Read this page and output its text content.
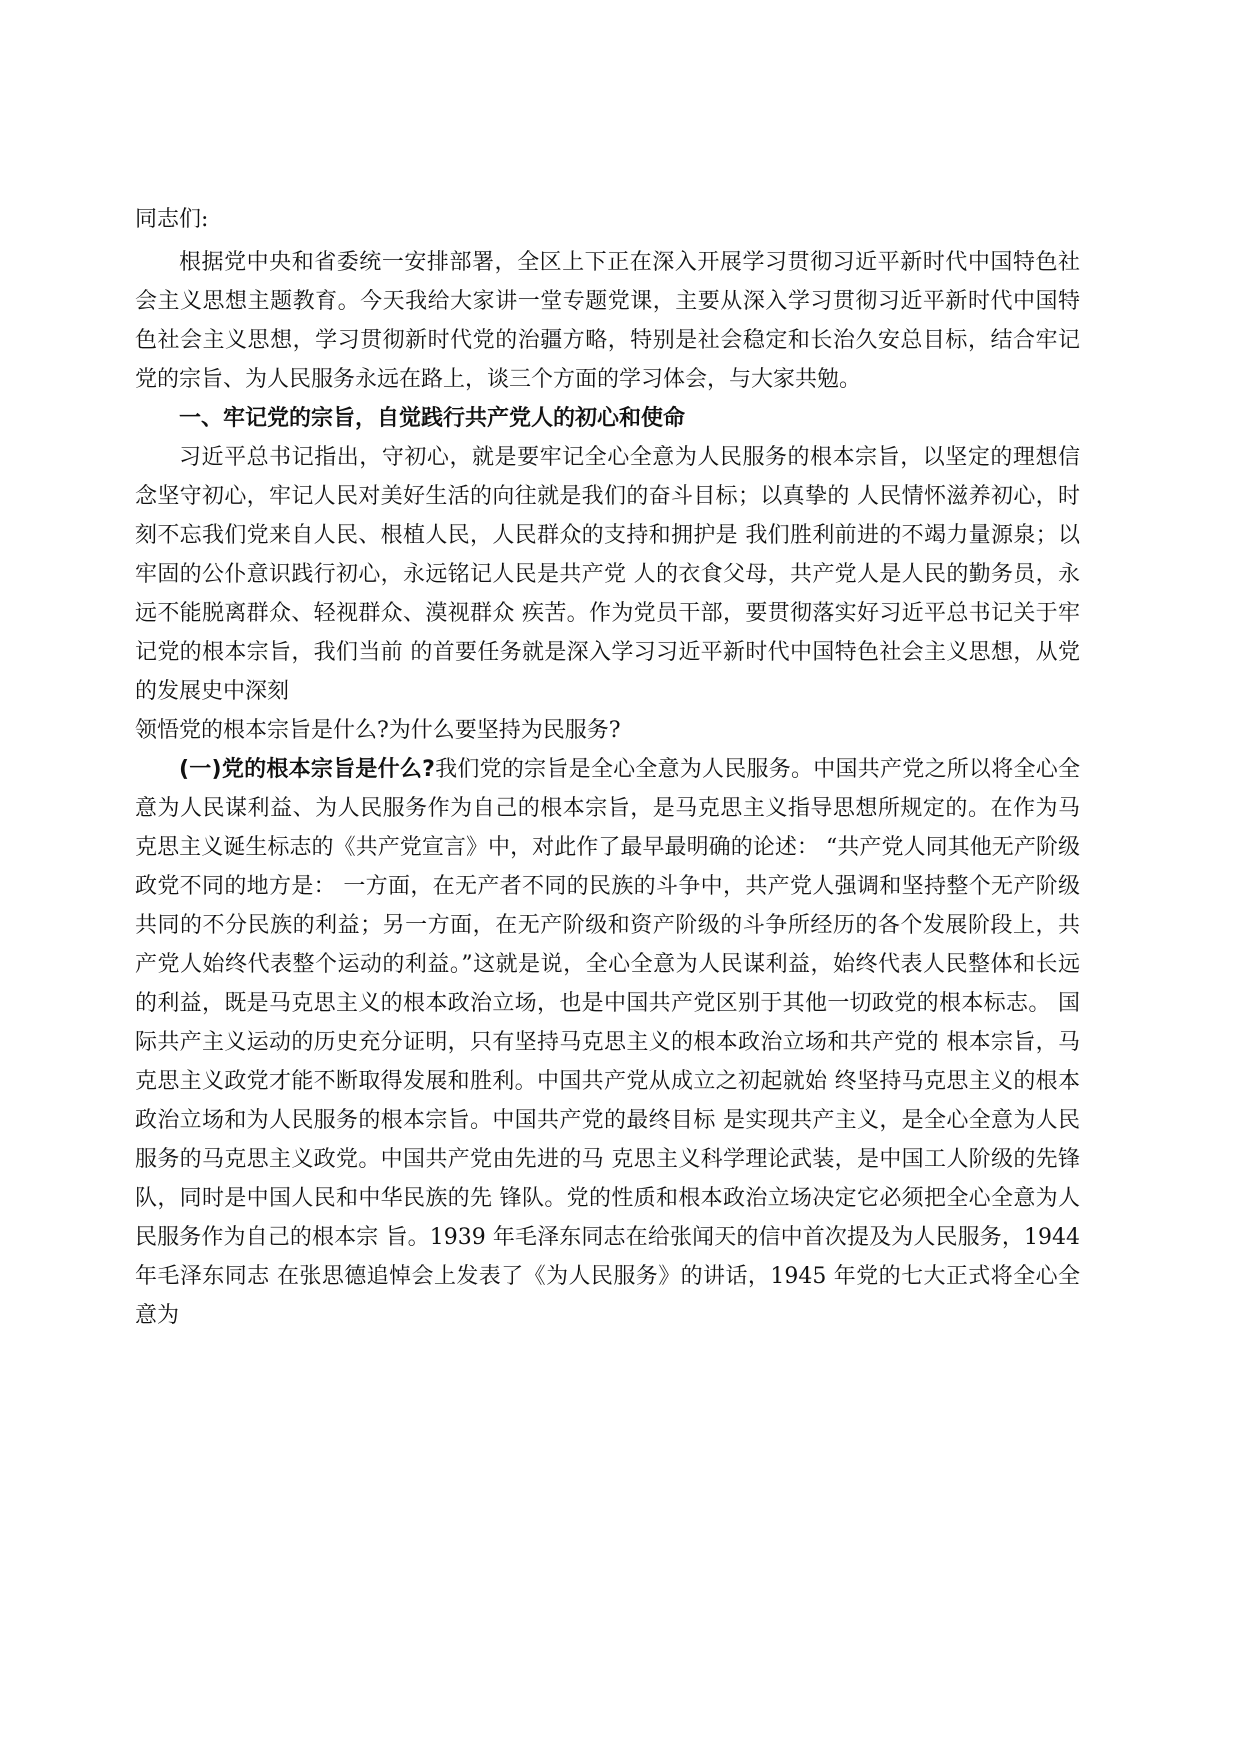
同志们:

根据党中央和省委统一安排部署，全区上下正在深入开展学习贯彻习近平新时代中国特色社会主义思想主题教育。今天我给大家讲一堂专题党课，主要从深入学习贯彻习近平新时代中国特色社会主义思想，学习贯彻新时代党的治疆方略，特别是社会稳定和长治久安总目标，结合牢记党的宗旨、为人民服务永远在路上，谈三个方面的学习体会，与大家共勉。

一、牢记党的宗旨，自觉践行共产党人的初心和使命

习近平总书记指出，守初心，就是要牢记全心全意为人民服务的根本宗旨，以坚定的理想信念坚守初心，牢记人民对美好生活的向往就是我们的奋斗目标；以真挚的 人民情怀滋养初心，时刻不忘我们党来自人民、根植人民，人民群众的支持和拥护是 我们胜利前进的不竭力量源泉；以牢固的公仆意识践行初心，永远铭记人民是共产党 人的衣食父母，共产党人是人民的勤务员，永远不能脱离群众、轻视群众、漠视群众 疾苦。作为党员干部，要贯彻落实好习近平总书记关于牢记党的根本宗旨，我们当前 的首要任务就是深入学习习近平新时代中国特色社会主义思想，从党的发展史中深刻

领悟党的根本宗旨是什么?为什么要坚持为民服务?

(一)党的根本宗旨是什么?我们党的宗旨是全心全意为人民服务。中国共产党之所以将全心全意为人民谋利益、为人民服务作为自己的根本宗旨，是马克思主义指导思想所规定的。在作为马克思主义诞生标志的《共产党宣言》中，对此作了最早最明确的论述： “共产党人同其他无产阶级政党不同的地方是： 一方面，在无产者不同的民族的斗争中，共产党人强调和坚持整个无产阶级共同的不分民族的利益；另一方面，在无产阶级和资产阶级的斗争所经历的各个发展阶段上，共产党人始终代表整个运动的利益。”这就是说，全心全意为人民谋利益，始终代表人民整体和长远的利益，既是马克思主义的根本政治立场，也是中国共产党区别于其他一切政党的根本标志。 国际共产主义运动的历史充分证明，只有坚持马克思主义的根本政治立场和共产党的 根本宗旨，马克思主义政党才能不断取得发展和胜利。中国共产党从成立之初起就始 终坚持马克思主义的根本政治立场和为人民服务的根本宗旨。中国共产党的最终目标 是实现共产主义，是全心全意为人民服务的马克思主义政党。中国共产党由先进的马 克思主义科学理论武装，是中国工人阶级的先锋队，同时是中国人民和中华民族的先 锋队。党的性质和根本政治立场决定它必须把全心全意为人民服务作为自己的根本宗 旨。1939 年毛泽东同志在给张闻天的信中首次提及为人民服务，1944 年毛泽东同志 在张思德追悼会上发表了《为人民服务》的讲话，1945 年党的七大正式将全心全意为
